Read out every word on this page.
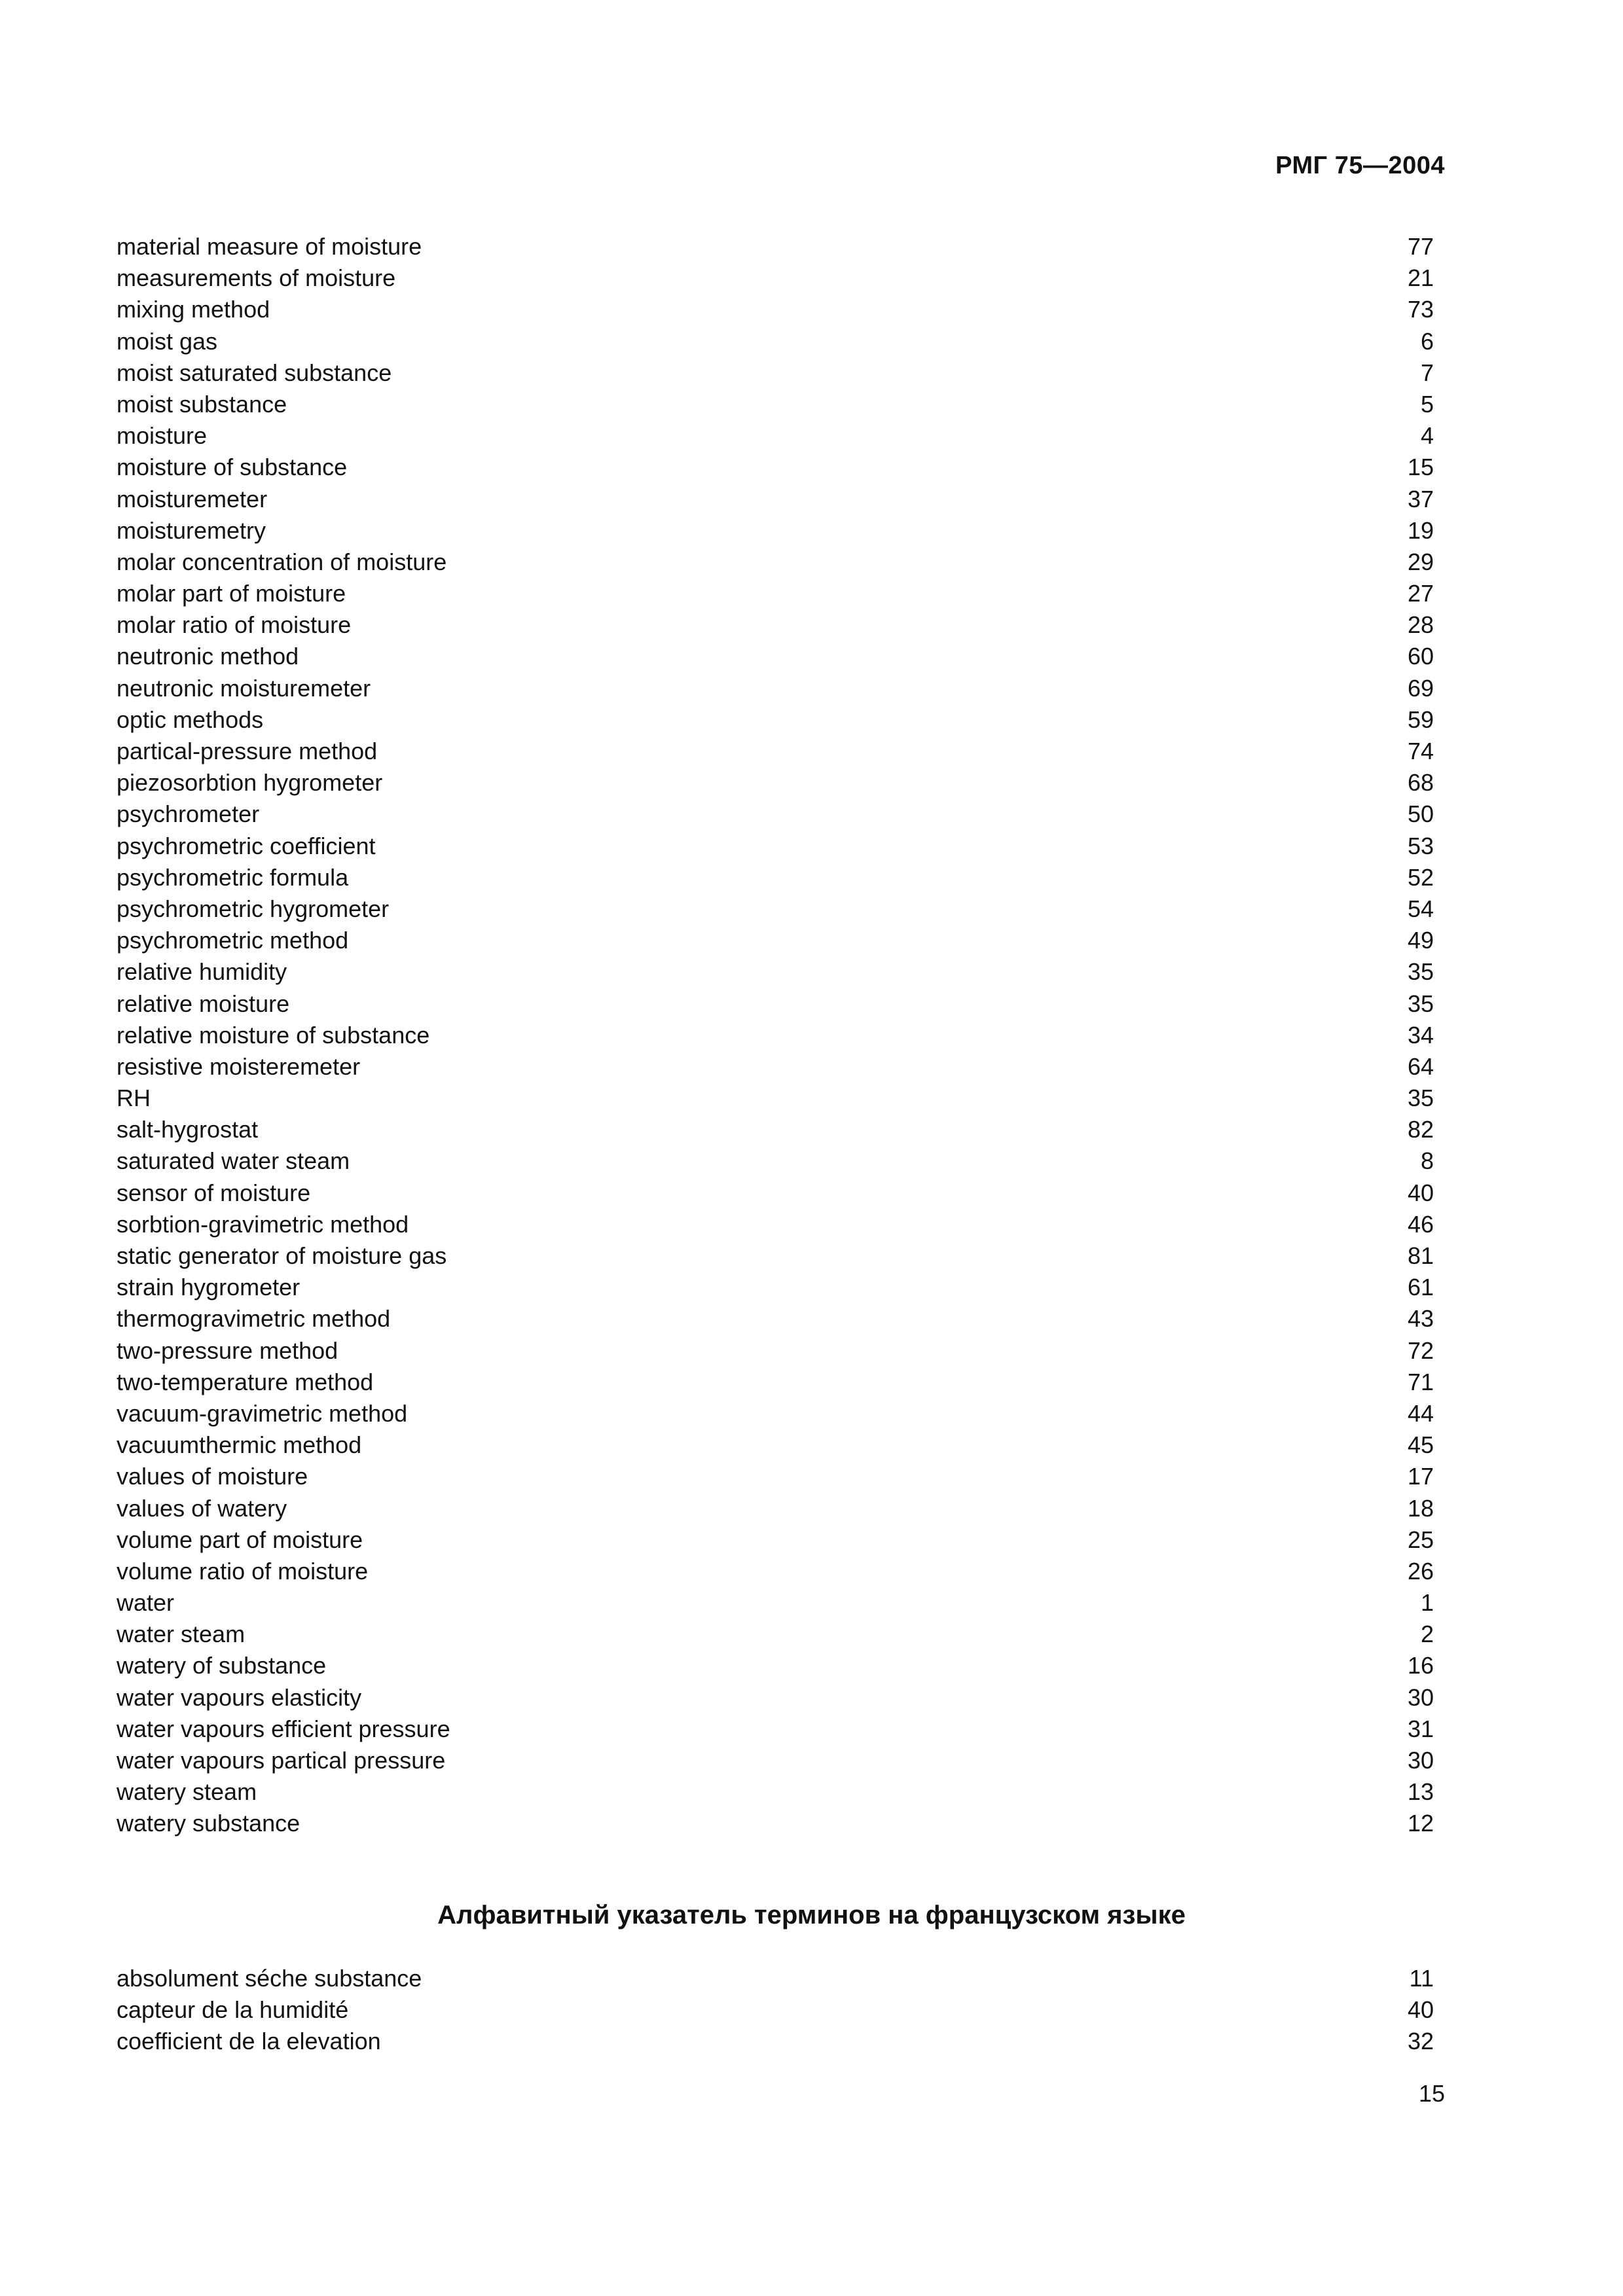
РМГ 75—2004
material measure of moisture	77
measurements of moisture	21
mixing method	73
moist gas	6
moist saturated substance	7
moist substance	5
moisture	4
moisture of substance	15
moisturemeter	37
moisturemetry	19
molar concentration of moisture	29
molar part of moisture	27
molar ratio of moisture	28
neutronic method	60
neutronic moisturemeter	69
optic methods	59
partical-pressure method	74
piezosorbtion hygrometer	68
psychrometer	50
psychrometric coefficient	53
psychrometric formula	52
psychrometric hygrometer	54
psychrometric method	49
relative humidity	35
relative moisture	35
relative moisture of substance	34
resistive moisteremeter	64
RH	35
salt-hygrostat	82
saturated water steam	8
sensor of moisture	40
sorbtion-gravimetric method	46
static generator of moisture gas	81
strain hygrometer	61
thermogravimetric method	43
two-pressure method	72
two-temperature method	71
vacuum-gravimetric method	44
vacuumthermic method	45
values of moisture	17
values of watery	18
volume part of moisture	25
volume ratio of moisture	26
water	1
water steam	2
watery of substance	16
water vapours elasticity	30
water vapours efficient pressure	31
water vapours partical pressure	30
watery steam	13
watery substance	12
Алфавитный указатель терминов на французском языке
absolument séche substance	11
capteur de la humidité	40
coefficient de la elevation	32
15
